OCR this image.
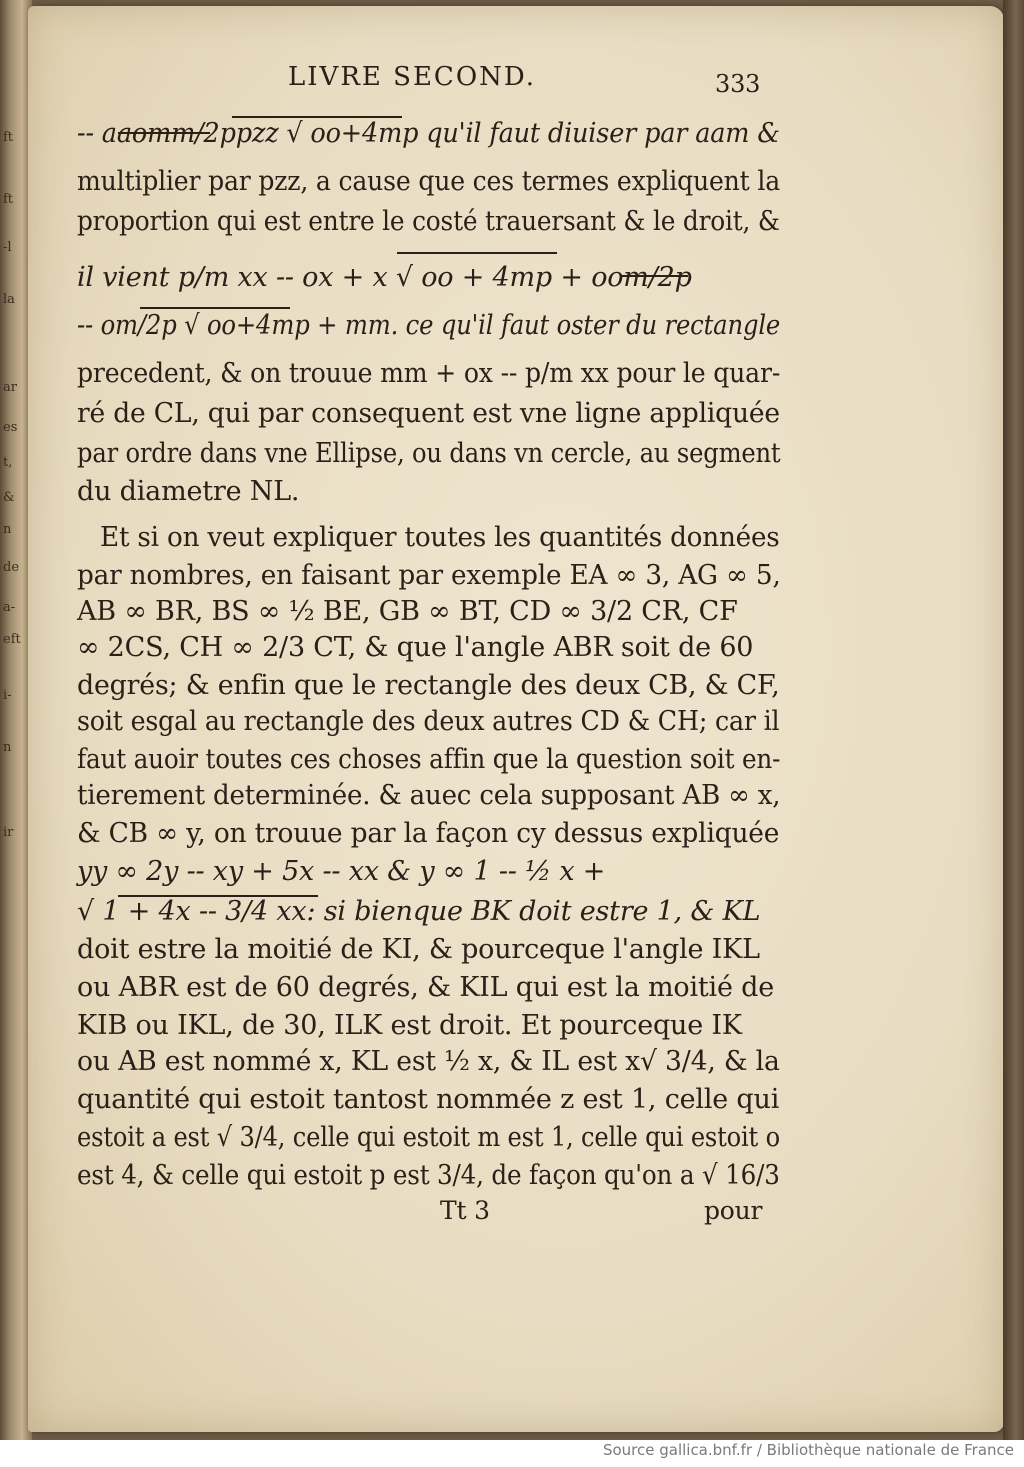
ft
ft
-l
la
ar
es
t,
&
n
de
a-
eft
i-
n
ir
LIVRE SECOND.	333
-- aaomm/2ppzz √ oo+4mp qu'il faut diuiser par aam &
multiplier par pzz, a cause que ces termes expliquent la
proportion qui est entre le costé trauersant & le droit, &
il vient p/m xx -- ox + x √ oo + 4mp + oom/2p
-- om/2p √ oo+4mp + mm. ce qu'il faut oster du rectangle
precedent, & on trouue mm + ox -- p/m xx pour le quar-
ré de CL, qui par consequent est vne ligne appliquée
par ordre dans vne Ellipse, ou dans vn cercle, au segment
du diametre NL.
Et si on veut expliquer toutes les quantités données
par nombres, en faisant par exemple EA ∞ 3, AG ∞ 5,
AB ∞ BR, BS ∞ ½ BE, GB ∞ BT, CD ∞ 3/2 CR, CF
∞ 2CS, CH ∞ 2/3 CT, & que l'angle ABR soit de 60
degrés; & enfin que le rectangle des deux CB, & CF,
soit esgal au rectangle des deux autres CD & CH; car il
faut auoir toutes ces choses affin que la question soit en-
tierement determinée. & auec cela supposant AB ∞ x,
& CB ∞ y, on trouue par la façon cy dessus expliquée
yy ∞ 2y -- xy + 5x -- xx & y ∞ 1 -- ½ x +
√ 1 + 4x -- 3/4 xx: si bienque BK doit estre 1, & KL
doit estre la moitié de KI, & pourceque l'angle IKL
ou ABR est de 60 degrés, & KIL qui est la moitié de
KIB ou IKL, de 30, ILK est droit. Et pourceque IK
ou AB est nommé x, KL est ½ x, & IL est x√ 3/4, & la
quantité qui estoit tantost nommée z est 1, celle qui
estoit a est √ 3/4, celle qui estoit m est 1, celle qui estoit o
est 4, & celle qui estoit p est 3/4, de façon qu'on a √ 16/3
Tt 3	pour
Source gallica.bnf.fr / Bibliothèque nationale de France
